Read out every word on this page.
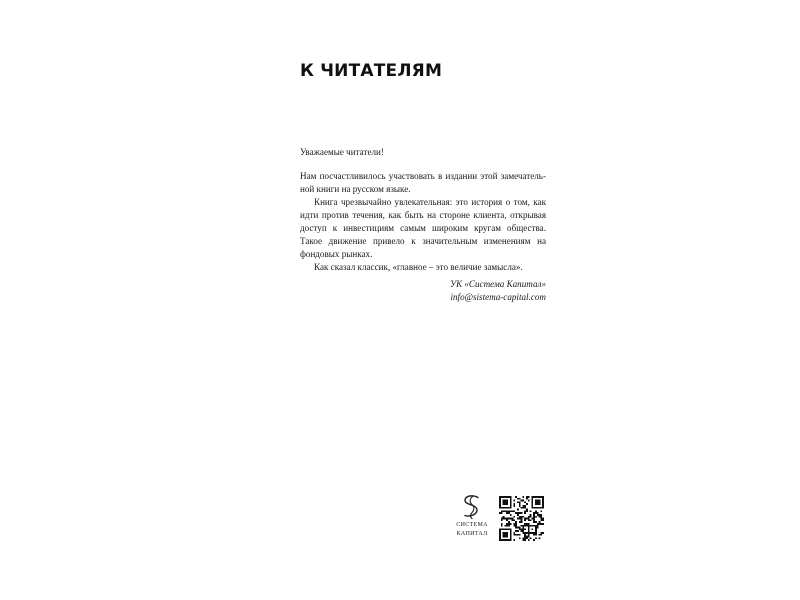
К ЧИТАТЕЛЯМ

Уважаемые читатели!

Нам посчастливилось участвовать в издании этой замечательной книги на русском языке.

Книга чрезвычайно увлекательная: это история о том, как идти против течения, как быть на стороне клиента, открывая доступ к инвестициям самым широким кругам общества. Такое движение привело к значительным изменениям на фондовых рынках.

Как сказал классик, «главное – это величие замысла».

УК «Система Капитал»
info@sistema-capital.com
СИСТЕМА
КАПИТАЛ
